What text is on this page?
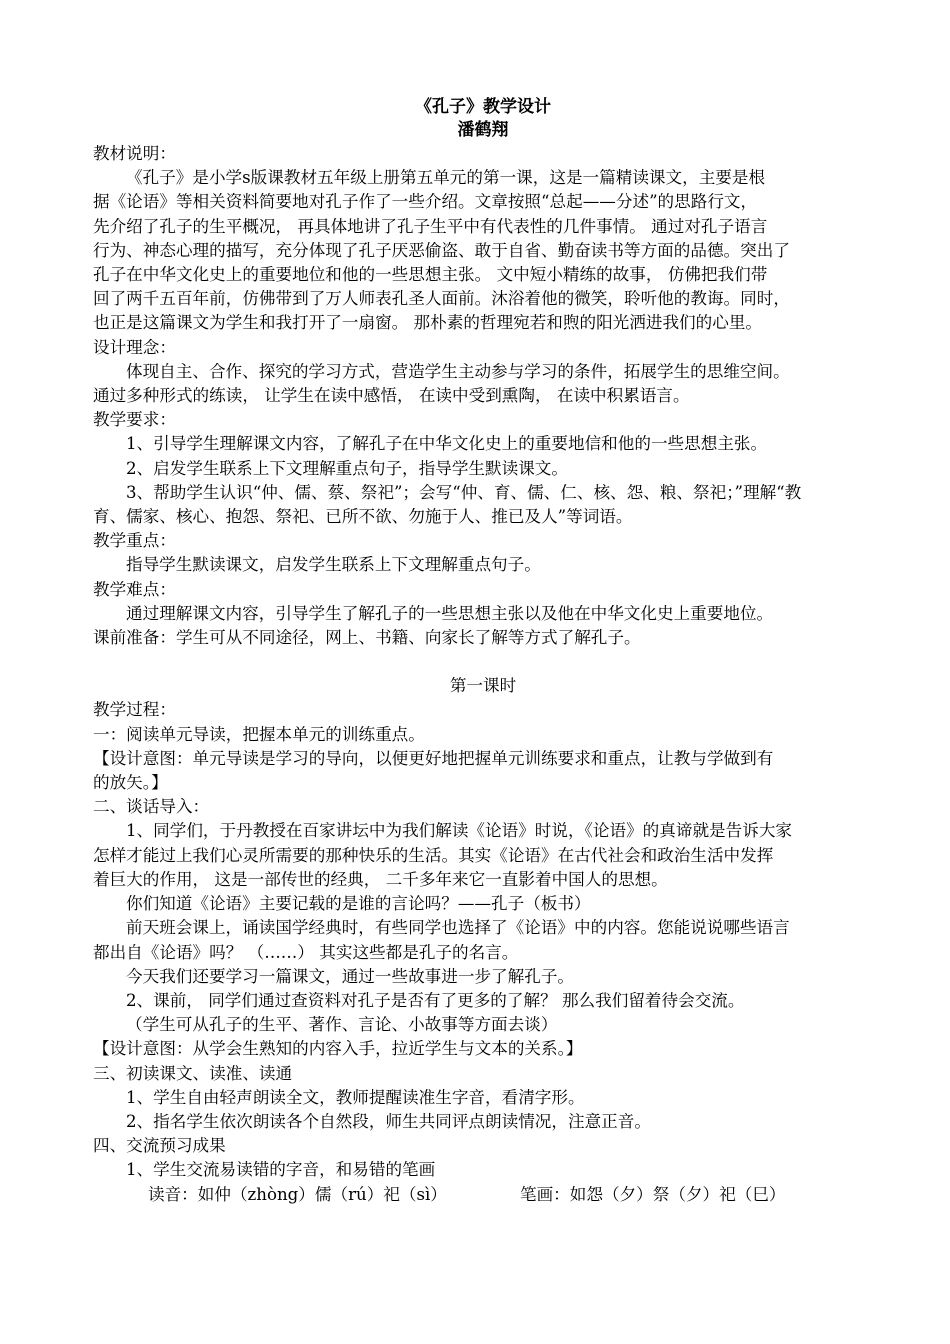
《孔子》教学设计
潘鹤翔
教材说明：
《孔子》是小学s版课教材五年级上册第五单元的第一课，这是一篇精读课文，主要是根
据《论语》等相关资料简要地对孔子作了一些介绍。文章按照“总起——分述”的思路行文，
先介绍了孔子的生平概况， 再具体地讲了孔子生平中有代表性的几件事情。 通过对孔子语言
行为、神态心理的描写，充分体现了孔子厌恶偷盗、敢于自省、勤奋读书等方面的品德。突出了
孔子在中华文化史上的重要地位和他的一些思想主张。 文中短小精练的故事， 仿佛把我们带
回了两千五百年前，仿佛带到了万人师表孔圣人面前。沐浴着他的微笑，聆听他的教诲。同时，
也正是这篇课文为学生和我打开了一扇窗。 那朴素的哲理宛若和煦的阳光洒进我们的心里。
设计理念：
体现自主、合作、探究的学习方式，营造学生主动参与学习的条件，拓展学生的思维空间。
通过多种形式的练读， 让学生在读中感悟， 在读中受到熏陶， 在读中积累语言。
教学要求：
1、引导学生理解课文内容，了解孔子在中华文化史上的重要地信和他的一些思想主张。
2、启发学生联系上下文理解重点句子，指导学生默读课文。
3、帮助学生认识“仲、儒、蔡、祭祀”；会写“仲、育、儒、仁、核、怨、粮、祭祀；”理解“教
育、儒家、核心、抱怨、祭祀、已所不欲、勿施于人、推已及人”等词语。
教学重点：
指导学生默读课文，启发学生联系上下文理解重点句子。
教学难点：
通过理解课文内容，引导学生了解孔子的一些思想主张以及他在中华文化史上重要地位。
课前准备：学生可从不同途径，网上、书籍、向家长了解等方式了解孔子。
第一课时
教学过程：
一：阅读单元导读，把握本单元的训练重点。
【设计意图：单元导读是学习的导向，以便更好地把握单元训练要求和重点，让教与学做到有
的放矢。】
二、谈话导入：
1、同学们，于丹教授在百家讲坛中为我们解读《论语》时说，《论语》的真谛就是告诉大家
怎样才能过上我们心灵所需要的那种快乐的生活。其实《论语》在古代社会和政治生活中发挥
着巨大的作用， 这是一部传世的经典， 二千多年来它一直影着中国人的思想。
你们知道《论语》主要记载的是谁的言论吗？——孔子（板书）
前天班会课上，诵读国学经典时，有些同学也选择了《论语》中的内容。您能说说哪些语言
都出自《论语》吗？ （……） 其实这些都是孔子的名言。
今天我们还要学习一篇课文，通过一些故事进一步了解孔子。
2、课前， 同学们通过查资料对孔子是否有了更多的了解？ 那么我们留着待会交流。
（学生可从孔子的生平、著作、言论、小故事等方面去谈）
【设计意图：从学会生熟知的内容入手，拉近学生与文本的关系。】
三、初读课文、读准、读通
1、学生自由轻声朗读全文，教师提醒读准生字音，看清字形。
2、指名学生依次朗读各个自然段，师生共同评点朗读情况，注意正音。
四、交流预习成果
1、学生交流易读错的字音，和易错的笔画
读音：如仲（zhòng）儒（rú）祀（sì）	笔画：如怨（夕）祭（夕）祀（巳）
